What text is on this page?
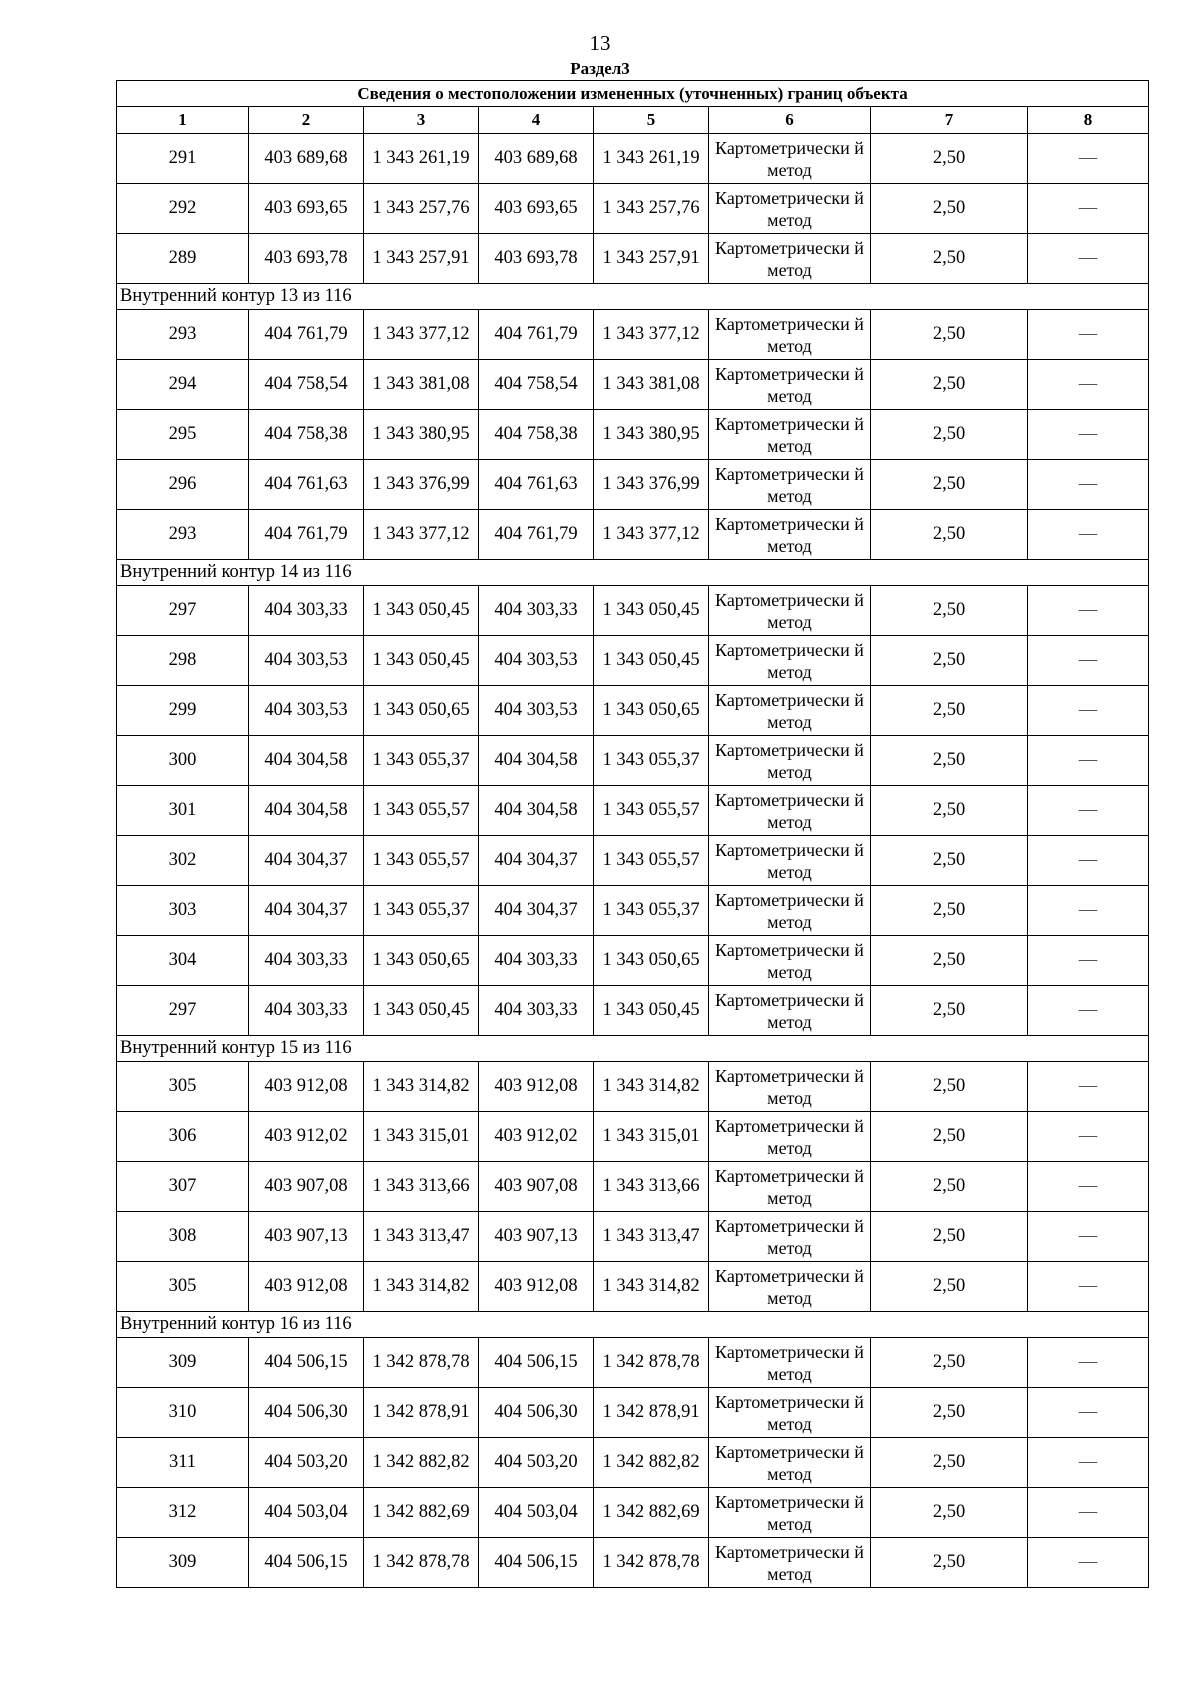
13
Раздел3
Сведения о местоположении измененных (уточненных) границ объекта							
1	2	3	4	5	6	7	8
291	403 689,68	1 343 261,19	403 689,68	1 343 261,19	Картометрически й метод	2,50	—
292	403 693,65	1 343 257,76	403 693,65	1 343 257,76	Картометрически й метод	2,50	—
289	403 693,78	1 343 257,91	403 693,78	1 343 257,91	Картометрически й метод	2,50	—
Внутренний контур 13 из 116							
293	404 761,79	1 343 377,12	404 761,79	1 343 377,12	Картометрически й метод	2,50	—
294	404 758,54	1 343 381,08	404 758,54	1 343 381,08	Картометрически й метод	2,50	—
295	404 758,38	1 343 380,95	404 758,38	1 343 380,95	Картометрически й метод	2,50	—
296	404 761,63	1 343 376,99	404 761,63	1 343 376,99	Картометрически й метод	2,50	—
293	404 761,79	1 343 377,12	404 761,79	1 343 377,12	Картометрически й метод	2,50	—
Внутренний контур 14 из 116							
297	404 303,33	1 343 050,45	404 303,33	1 343 050,45	Картометрически й метод	2,50	—
298	404 303,53	1 343 050,45	404 303,53	1 343 050,45	Картометрически й метод	2,50	—
299	404 303,53	1 343 050,65	404 303,53	1 343 050,65	Картометрически й метод	2,50	—
300	404 304,58	1 343 055,37	404 304,58	1 343 055,37	Картометрически й метод	2,50	—
301	404 304,58	1 343 055,57	404 304,58	1 343 055,57	Картометрически й метод	2,50	—
302	404 304,37	1 343 055,57	404 304,37	1 343 055,57	Картометрически й метод	2,50	—
303	404 304,37	1 343 055,37	404 304,37	1 343 055,37	Картометрически й метод	2,50	—
304	404 303,33	1 343 050,65	404 303,33	1 343 050,65	Картометрически й метод	2,50	—
297	404 303,33	1 343 050,45	404 303,33	1 343 050,45	Картометрически й метод	2,50	—
Внутренний контур 15 из 116							
305	403 912,08	1 343 314,82	403 912,08	1 343 314,82	Картометрически й метод	2,50	—
306	403 912,02	1 343 315,01	403 912,02	1 343 315,01	Картометрически й метод	2,50	—
307	403 907,08	1 343 313,66	403 907,08	1 343 313,66	Картометрически й метод	2,50	—
308	403 907,13	1 343 313,47	403 907,13	1 343 313,47	Картометрически й метод	2,50	—
305	403 912,08	1 343 314,82	403 912,08	1 343 314,82	Картометрически й метод	2,50	—
Внутренний контур 16 из 116							
309	404 506,15	1 342 878,78	404 506,15	1 342 878,78	Картометрически й метод	2,50	—
310	404 506,30	1 342 878,91	404 506,30	1 342 878,91	Картометрически й метод	2,50	—
311	404 503,20	1 342 882,82	404 503,20	1 342 882,82	Картометрически й метод	2,50	—
312	404 503,04	1 342 882,69	404 503,04	1 342 882,69	Картометрически й метод	2,50	—
309	404 506,15	1 342 878,78	404 506,15	1 342 878,78	Картометрически й метод	2,50	—
